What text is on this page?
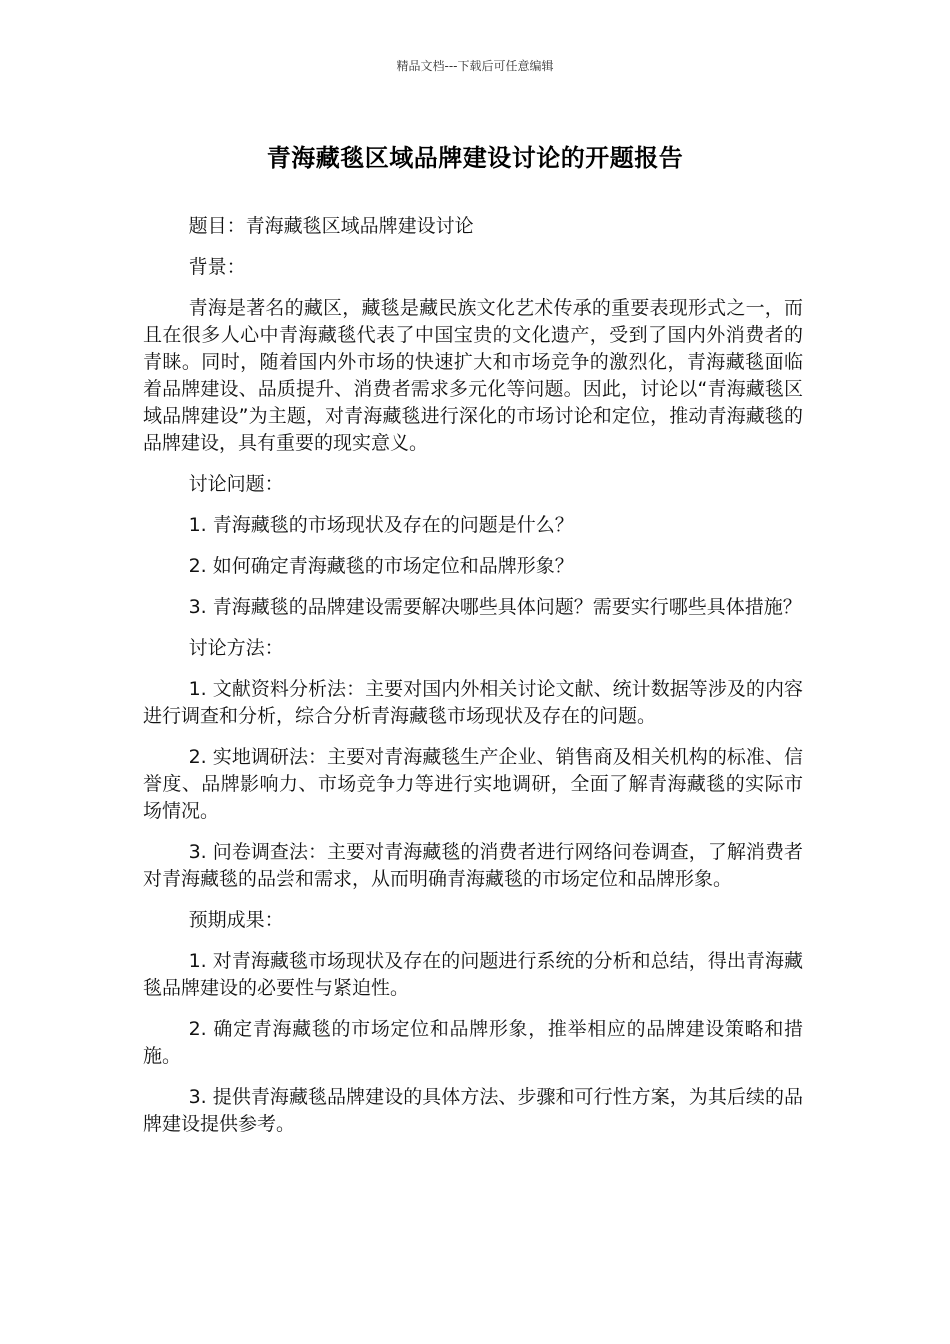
精品文档---下载后可任意编辑
青海藏毯区域品牌建设讨论的开题报告

题目：青海藏毯区域品牌建设讨论

背景：

青海是著名的藏区，藏毯是藏民族文化艺术传承的重要表现形式之一，而且在很多人心中青海藏毯代表了中国宝贵的文化遗产，受到了国内外消费者的青睐。同时，随着国内外市场的快速扩大和市场竞争的激烈化，青海藏毯面临着品牌建设、品质提升、消费者需求多元化等问题。因此，讨论以“青海藏毯区域品牌建设”为主题，对青海藏毯进行深化的市场讨论和定位，推动青海藏毯的品牌建设，具有重要的现实意义。

讨论问题：

1. 青海藏毯的市场现状及存在的问题是什么？

2. 如何确定青海藏毯的市场定位和品牌形象？

3. 青海藏毯的品牌建设需要解决哪些具体问题？需要实行哪些具体措施？

讨论方法：

1. 文献资料分析法：主要对国内外相关讨论文献、统计数据等涉及的内容进行调查和分析，综合分析青海藏毯市场现状及存在的问题。

2. 实地调研法：主要对青海藏毯生产企业、销售商及相关机构的标准、信誉度、品牌影响力、市场竞争力等进行实地调研，全面了解青海藏毯的实际市场情况。

3. 问卷调查法：主要对青海藏毯的消费者进行网络问卷调查，了解消费者对青海藏毯的品尝和需求，从而明确青海藏毯的市场定位和品牌形象。

预期成果：

1. 对青海藏毯市场现状及存在的问题进行系统的分析和总结，得出青海藏毯品牌建设的必要性与紧迫性。

2. 确定青海藏毯的市场定位和品牌形象，推举相应的品牌建设策略和措施。

3. 提供青海藏毯品牌建设的具体方法、步骤和可行性方案，为其后续的品牌建设提供参考。
